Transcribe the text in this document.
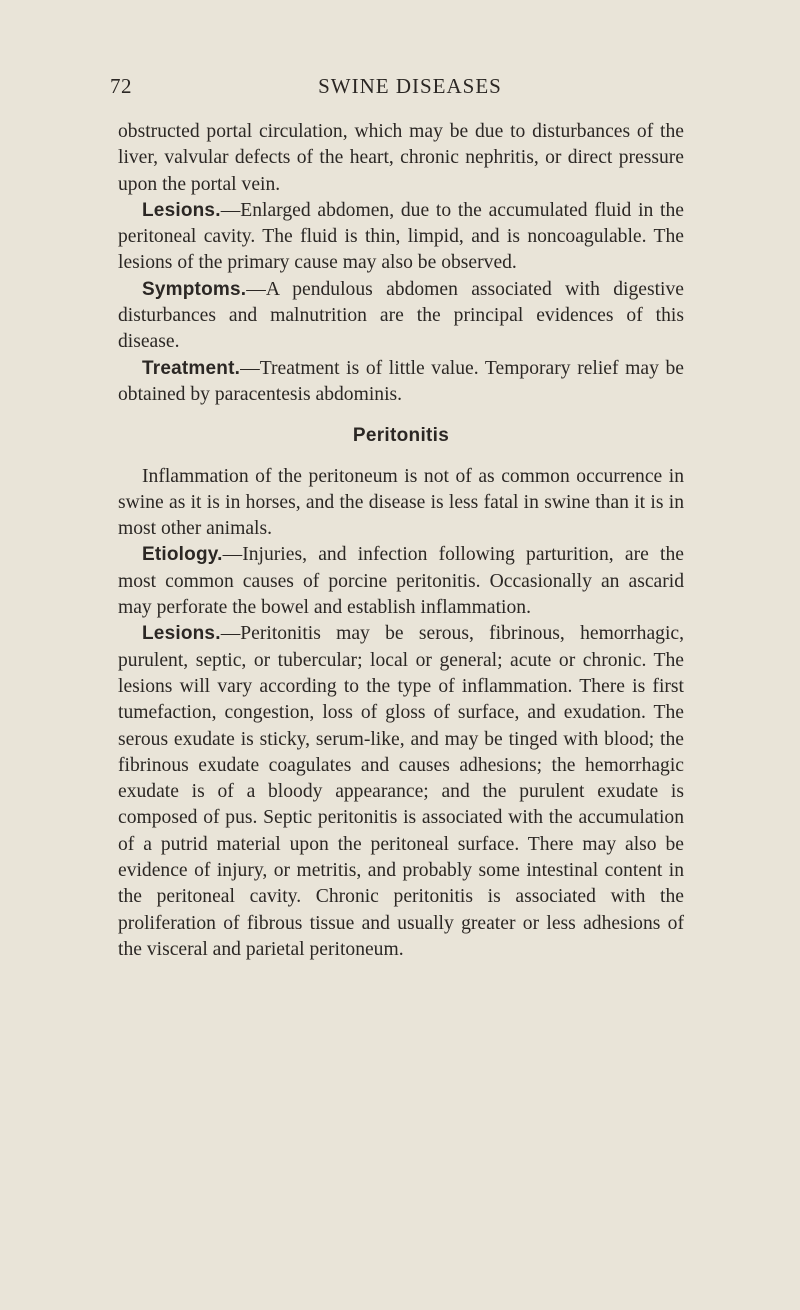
72	SWINE DISEASES

obstructed portal circulation, which may be due to disturbances of the liver, valvular defects of the heart, chronic nephritis, or direct pressure upon the portal vein.

Lesions.—Enlarged abdomen, due to the accumulated fluid in the peritoneal cavity. The fluid is thin, limpid, and is noncoagulable. The lesions of the primary cause may also be observed.

Symptoms.—A pendulous abdomen associated with digestive disturbances and malnutrition are the principal evidences of this disease.

Treatment.—Treatment is of little value. Temporary relief may be obtained by paracentesis abdominis.

Peritonitis

Inflammation of the peritoneum is not of as common occurrence in swine as it is in horses, and the disease is less fatal in swine than it is in most other animals.

Etiology.—Injuries, and infection following parturition, are the most common causes of porcine peritonitis. Occasionally an ascarid may perforate the bowel and establish inflammation.

Lesions.—Peritonitis may be serous, fibrinous, hemorrhagic, purulent, septic, or tubercular; local or general; acute or chronic. The lesions will vary according to the type of inflammation. There is first tumefaction, congestion, loss of gloss of surface, and exudation. The serous exudate is sticky, serum-like, and may be tinged with blood; the fibrinous exudate coagulates and causes adhesions; the hemorrhagic exudate is of a bloody appearance; and the purulent exudate is composed of pus. Septic peritonitis is associated with the accumulation of a putrid material upon the peritoneal surface. There may also be evidence of injury, or metritis, and probably some intestinal content in the peritoneal cavity. Chronic peritonitis is associated with the proliferation of fibrous tissue and usually greater or less adhesions of the visceral and parietal peritoneum.
